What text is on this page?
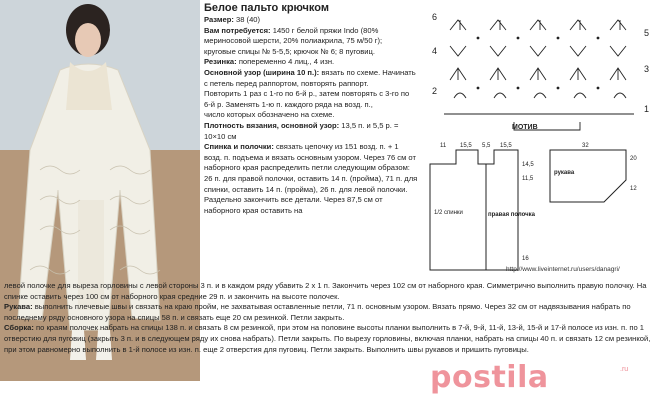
Белое пальто крючком

Размер: 38 (40)

Вам потребуется: 1450 г белой пряжи Indo (80% мериносовой шерсти, 20% полиакрила, 75 м/50 г);

круговые спицы № 5-5,5; крючок № 6; 8 пуговиц.

Резинка: попеременно 4 лиц., 4 изн.

Основной узор (ширина 10 п.): вязать по схеме. Начинать с петель перед раппортом, повторять раппорт.

Повторить 1 раз с 1-го по 6-й р., затем повторять с 3-го по 6-й р. Заменять 1-ю п. каждого ряда на возд. п.,

число которых обозначено на схеме.

Плотность вязания, основной узор: 13,5 п. и 5,5 р. = 10×10 см

Спинка и полочки: связать цепочку из 151 возд. п. + 1 возд. п. подъема и вязать основным узором. Через 76 см от наборного края распределить петли следующим образом: 26 п. для правой полочки, оставить 14 п. (пройма), 71 п. для спинки, оставить 14 п. (пройма), 26 п. для левой полочки. Раздельно закончить все детали. Через 87,5 см от наборного края оставить на

6
5
4
3
2
1
МОТИВ
11 15,5 5,5 15,5
14,5
11,5
16
32
20
12
1/2 спинки	правая полочка
рукава
http://www.liveinternet.ru/users/danagri/

левой полочке для выреза горловины с левой стороны 3 п. и в каждом ряду убавить 2 х 1 п. Закончить через 102 см от наборного края. Симметрично выполнить правую полочку. На спинке оставить через 100 см от наборного края средние 29 п. и закончить на высоте полочек.

Рукава: выполнить плечевые швы и связать на краю пройм, не захватывая оставленные петли, 71 п. основным узором. Вязать прямо. Через 32 см от надвязывания набрать по последнему ряду основного узора на спицы 58 п. и связать еще 20 см резинкой. Петли закрыть.

Сборка: по краям полочек набрать на спицы 138 п. и связать 8 см резинкой, при этом на половине высоты планки выполнить в 7-й, 9-й, 11-й, 13-й, 15-й и 17-й полосе из изн. п. по 1 отверстию для пуговиц (закрыть 3 п. и в следующем ряду их снова набрать). Петли закрыть. По вырезу горловины, включая планки, набрать на спицы 40 п. и связать 12 см резинкой, при этом равномерно выполнить в 1-й полосе из изн. п. еще 2 отверстия для пуговиц. Петли закрыть. Выполнить швы рукавов и пришить пуговицы.

postila	.ru
